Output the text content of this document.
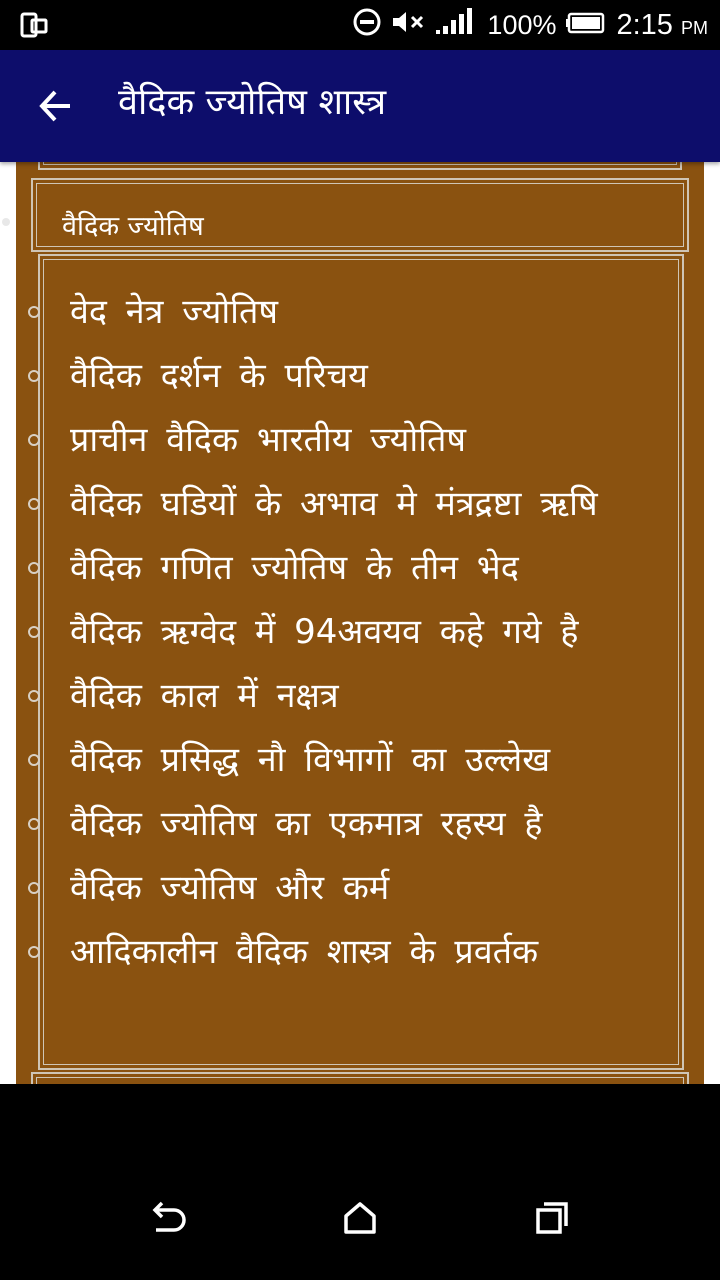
100% 2:15 PM
वैदिक ज्योतिष शास्त्र
वैदिक ज्योतिष
वेद नेत्र ज्योतिष
वैदिक दर्शन के परिचय
प्राचीन वैदिक भारतीय ज्योतिष
वैदिक घडियों के अभाव मे मंत्रद्रष्टा ऋषि
वैदिक गणित ज्योतिष के तीन भेद
वैदिक ऋग्वेद में 94अवयव कहे गये है
वैदिक काल में नक्षत्र
वैदिक प्रसिद्ध नौ विभागों का उल्लेख
वैदिक ज्योतिष का एकमात्र रहस्य है
वैदिक ज्योतिष और कर्म
आदिकालीन वैदिक शास्त्र के प्रवर्तक
